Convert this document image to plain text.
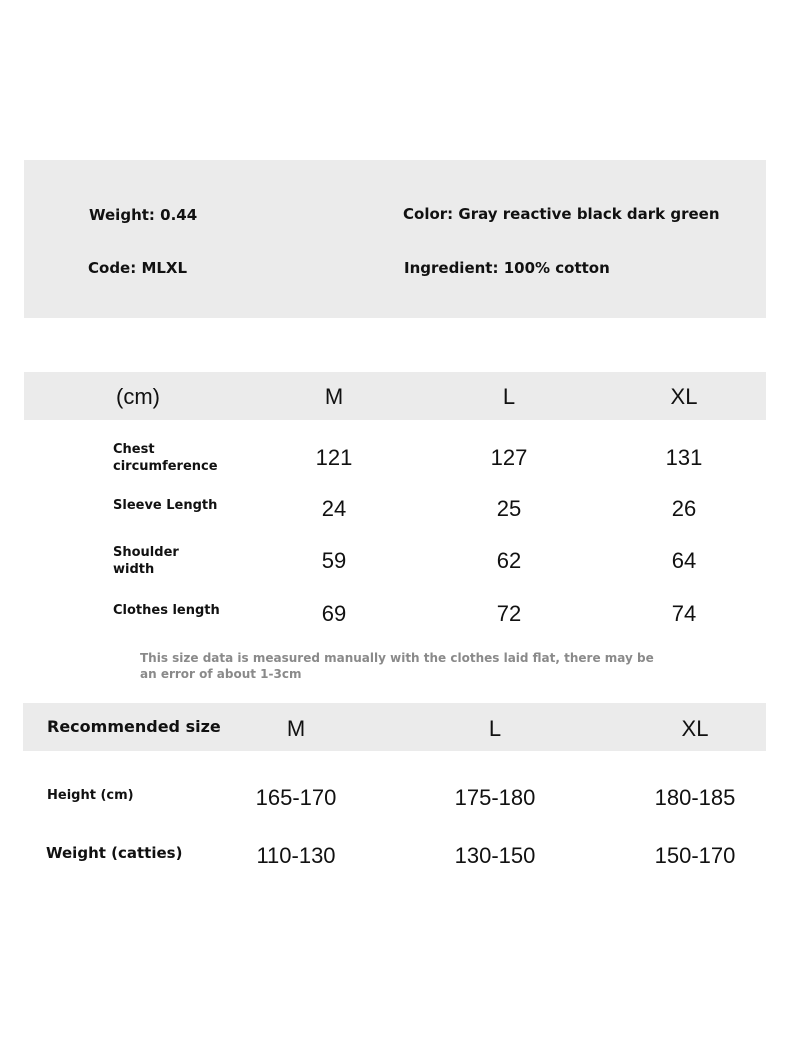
Weight: 0.44	Color: Gray reactive black dark green
Code: MLXL	Ingredient: 100% cotton
(cm)	M	L	XL
Chest circumference	121	127	131
Sleeve Length	24	25	26
Shoulder width	59	62	64
Clothes length	69	72	74
This size data is measured manually with the clothes laid flat, there may be an error of about 1-3cm
Recommended size	M	L	XL
Height (cm)	165-170	175-180	180-185
Weight (catties)	110-130	130-150	150-170
